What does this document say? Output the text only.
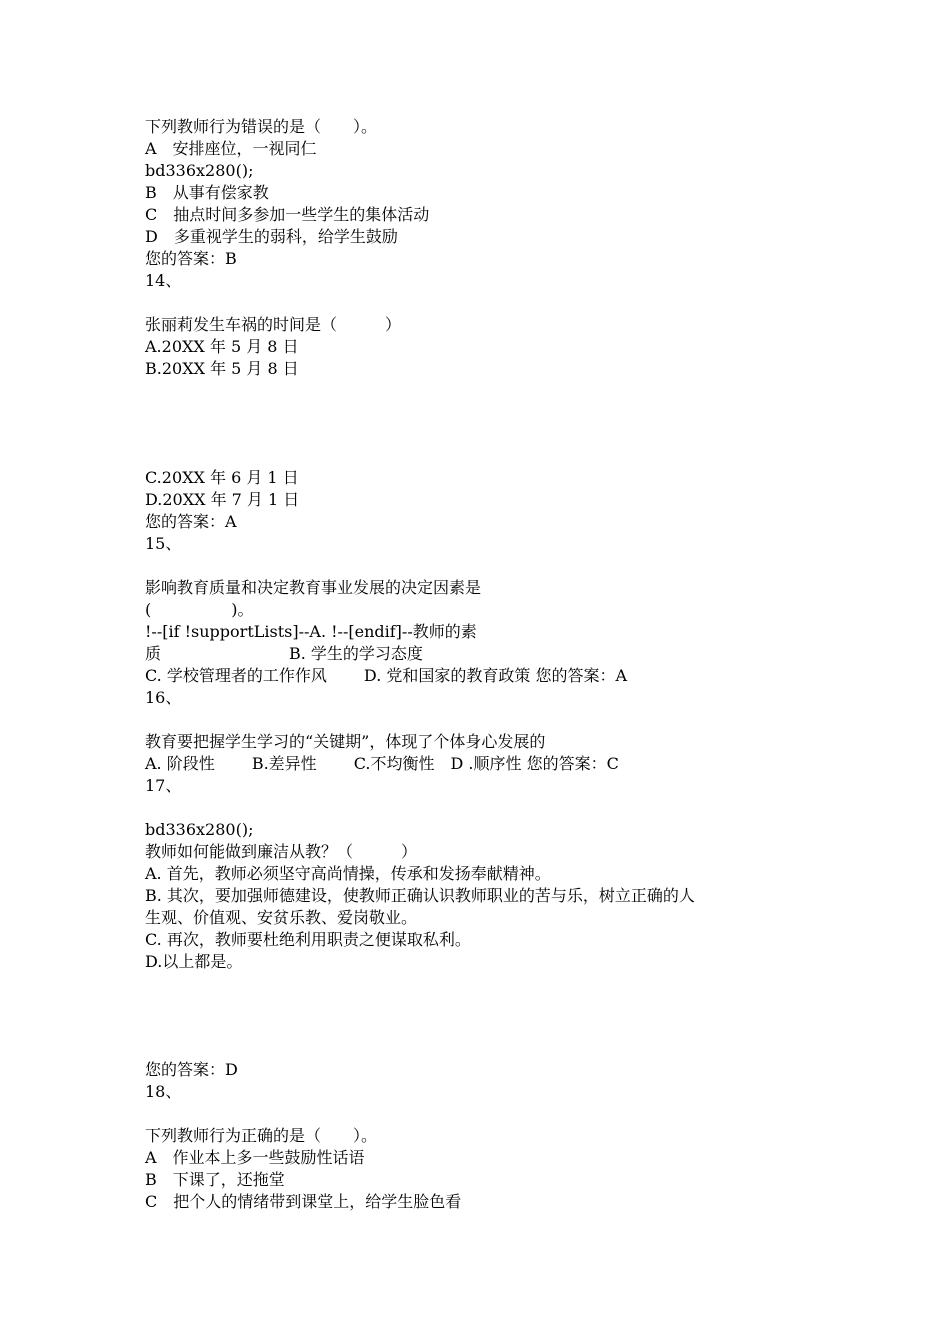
下列教师行为错误的是（　　）。
A　安排座位，一视同仁
bd336x280();
B　从事有偿家教
C　抽点时间多参加一些学生的集体活动
D　多重视学生的弱科，给学生鼓励
您的答案：B
14、
张丽莉发生车祸的时间是（　　　）
A.20XX 年 5 月 8 日
B.20XX 年 5 月 8 日
C.20XX 年 6 月 1 日
D.20XX 年 7 月 1 日
您的答案：A
15、
影响教育质量和决定教育事业发展的决定因素是
(　　　　　)。
!--[if !supportLists]--A. !--[endif]--教师的素
质　　　　　　　　B. 学生的学习态度
C. 学校管理者的工作作风　　 D. 党和国家的教育政策 您的答案：A
16、
教育要把握学生学习的“关键期”，体现了个体身心发展的
A. 阶段性　　 B.差异性　　 C.不均衡性　D .顺序性 您的答案：C
17、
bd336x280();
教师如何能做到廉洁从教？（　　　）
A. 首先，教师必须坚守高尚情操，传承和发扬奉献精神。
B. 其次，要加强师德建设，使教师正确认识教师职业的苦与乐，树立正确的人
生观、价值观、安贫乐教、爱岗敬业。
C. 再次，教师要杜绝利用职责之便谋取私利。
D.以上都是。
您的答案：D
18、
下列教师行为正确的是（　　）。
A　作业本上多一些鼓励性话语
B　下课了，还拖堂
C　把个人的情绪带到课堂上，给学生脸色看
